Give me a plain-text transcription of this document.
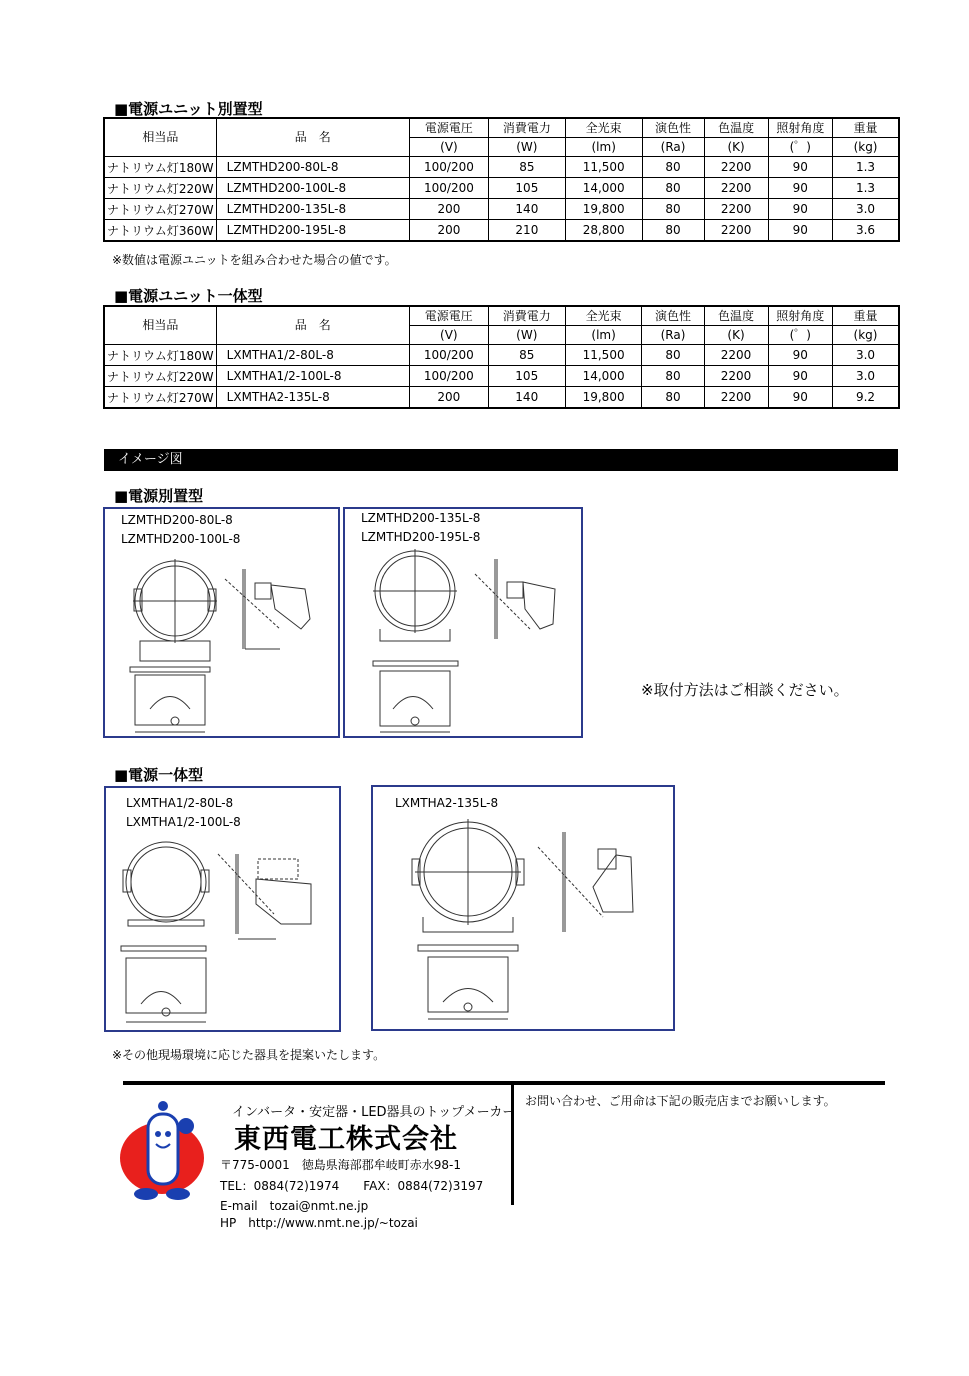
■電源ユニット別置型
相当品	品　名	電源電圧	消費電力	全光束	演色性	色温度	照射角度	重量
		(V)	(W)	(lm)	(Ra)	(K)	(゜)	(kg)
ナトリウム灯180W	LZMTHD200-80L-8	100/200	85	11,500	80	2200	90	1.3
ナトリウム灯220W	LZMTHD200-100L-8	100/200	105	14,000	80	2200	90	1.3
ナトリウム灯270W	LZMTHD200-135L-8	200	140	19,800	80	2200	90	3.0
ナトリウム灯360W	LZMTHD200-195L-8	200	210	28,800	80	2200	90	3.6
※数値は電源ユニットを組み合わせた場合の値です。
■電源ユニット一体型
相当品	品　名	電源電圧	消費電力	全光束	演色性	色温度	照射角度	重量
		(V)	(W)	(lm)	(Ra)	(K)	(゜)	(kg)
ナトリウム灯180W	LXMTHA1/2-80L-8	100/200	85	11,500	80	2200	90	3.0
ナトリウム灯220W	LXMTHA1/2-100L-8	100/200	105	14,000	80	2200	90	3.0
ナトリウム灯270W	LXMTHA2-135L-8	200	140	19,800	80	2200	90	9.2
イメージ図
■電源別置型
LZMTHD200-80L-8
LZMTHD200-100L-8
LZMTHD200-135L-8
LZMTHD200-195L-8
※取付方法はご相談ください。
■電源一体型
LXMTHA1/2-80L-8
LXMTHA1/2-100L-8
LXMTHA2-135L-8
※その他現場環境に応じた器具を提案いたします。
インバータ・安定器・LED器具のトップメーカー
東西電工株式会社
〒775-0001　徳島県海部郡牟岐町赤水98-1
TEL：0884(72)1974　　FAX：0884(72)3197
E-mail　tozai@nmt.ne.jp
HP　http://www.nmt.ne.jp/~tozai
お問い合わせ、ご用命は下記の販売店までお願いします。
